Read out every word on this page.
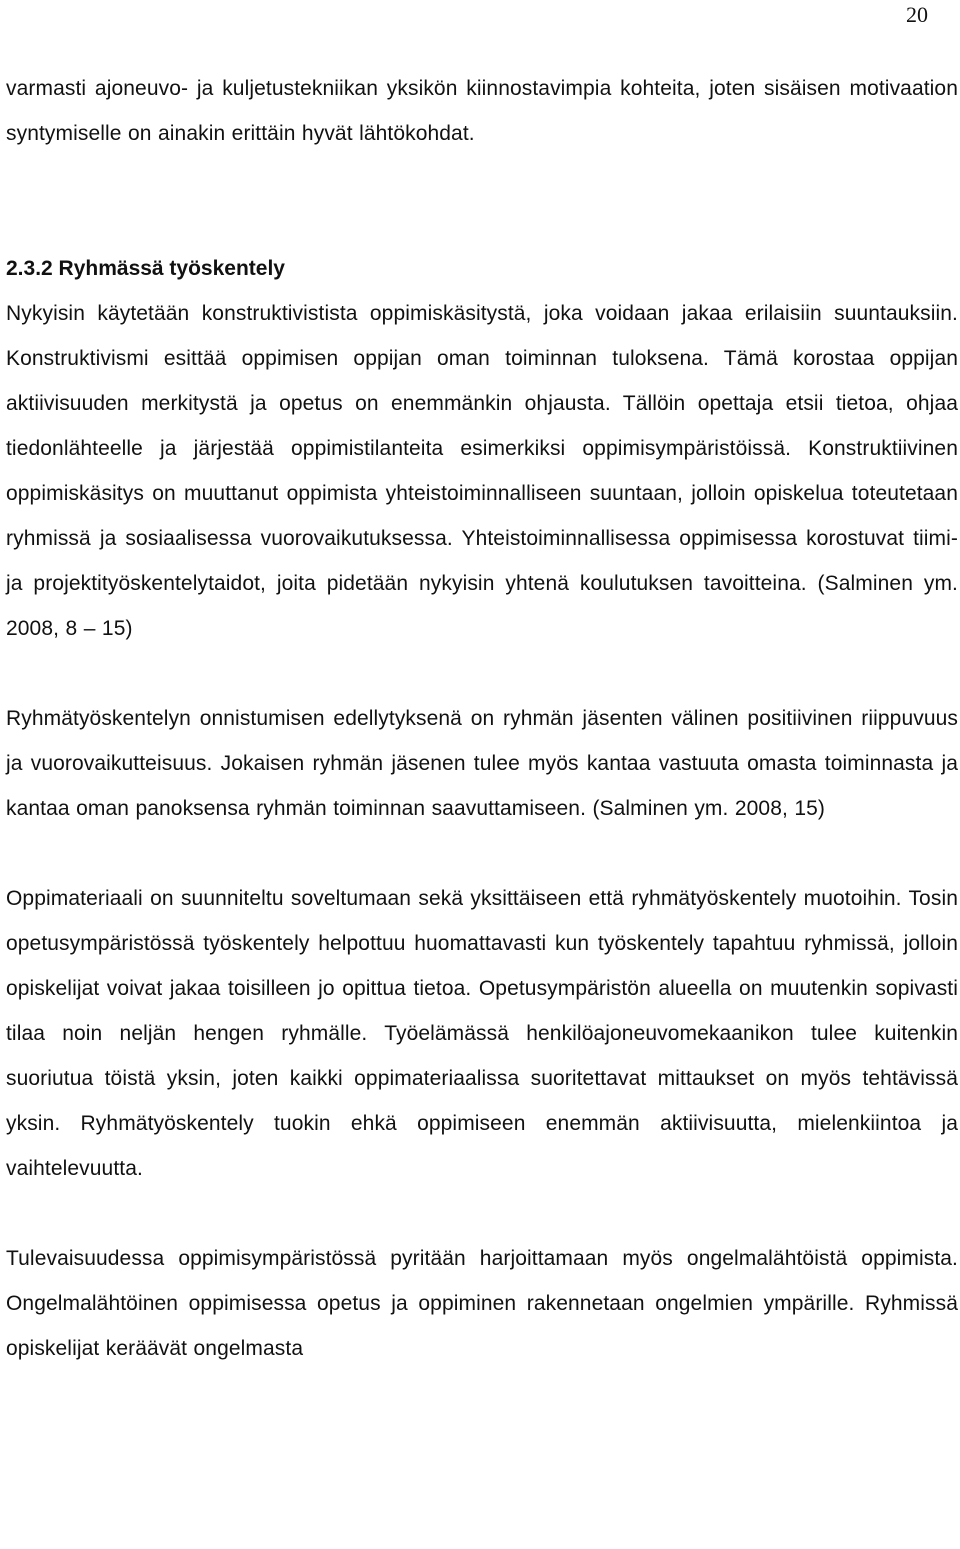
20

varmasti ajoneuvo- ja kuljetustekniikan yksikön kiinnostavimpia kohteita, joten sisäisen motivaation syntymiselle on ainakin erittäin hyvät lähtökohdat.

2.3.2 Ryhmässä työskentely

Nykyisin käytetään konstruktivistista oppimiskäsitystä, joka voidaan jakaa erilaisiin suuntauksiin. Konstruktivismi esittää oppimisen oppijan oman toiminnan tuloksena. Tämä korostaa oppijan aktiivisuuden merkitystä ja opetus on enemmänkin ohjausta. Tällöin opettaja etsii tietoa, ohjaa tiedonlähteelle ja järjestää oppimistilanteita esimerkiksi oppimisympäristöissä. Konstruktiivinen oppimiskäsitys on muuttanut oppimista yhteistoiminnalliseen suuntaan, jolloin opiskelua toteutetaan ryhmissä ja sosiaalisessa vuorovaikutuksessa. Yhteistoiminnallisessa oppimisessa korostuvat tiimi- ja projektityöskentelytaidot, joita pidetään nykyisin yhtenä koulutuksen tavoitteina. (Salminen ym. 2008, 8 – 15)

Ryhmätyöskentelyn onnistumisen edellytyksenä on ryhmän jäsenten välinen positiivinen riippuvuus ja vuorovaikutteisuus. Jokaisen ryhmän jäsenen tulee myös kantaa vastuuta omasta toiminnasta ja kantaa oman panoksensa ryhmän toiminnan saavuttamiseen. (Salminen ym. 2008, 15)

Oppimateriaali on suunniteltu soveltumaan sekä yksittäiseen että ryhmätyöskentely muotoihin. Tosin opetusympäristössä työskentely helpottuu huomattavasti kun työskentely tapahtuu ryhmissä, jolloin opiskelijat voivat jakaa toisilleen jo opittua tietoa. Opetusympäristön alueella on muutenkin sopivasti tilaa noin neljän hengen ryhmälle. Työelämässä henkilöajoneuvomekaanikon tulee kuitenkin suoriutua töistä yksin, joten kaikki oppimateriaalissa suoritettavat mittaukset on myös tehtävissä yksin. Ryhmätyöskentely tuokin ehkä oppimiseen enemmän aktiivisuutta, mielenkiintoa ja vaihtelevuutta.

Tulevaisuudessa oppimisympäristössä pyritään harjoittamaan myös ongelmalähtöistä oppimista. Ongelmalähtöinen oppimisessa opetus ja oppiminen rakennetaan ongelmien ympärille. Ryhmissä opiskelijat keräävät ongelmasta
